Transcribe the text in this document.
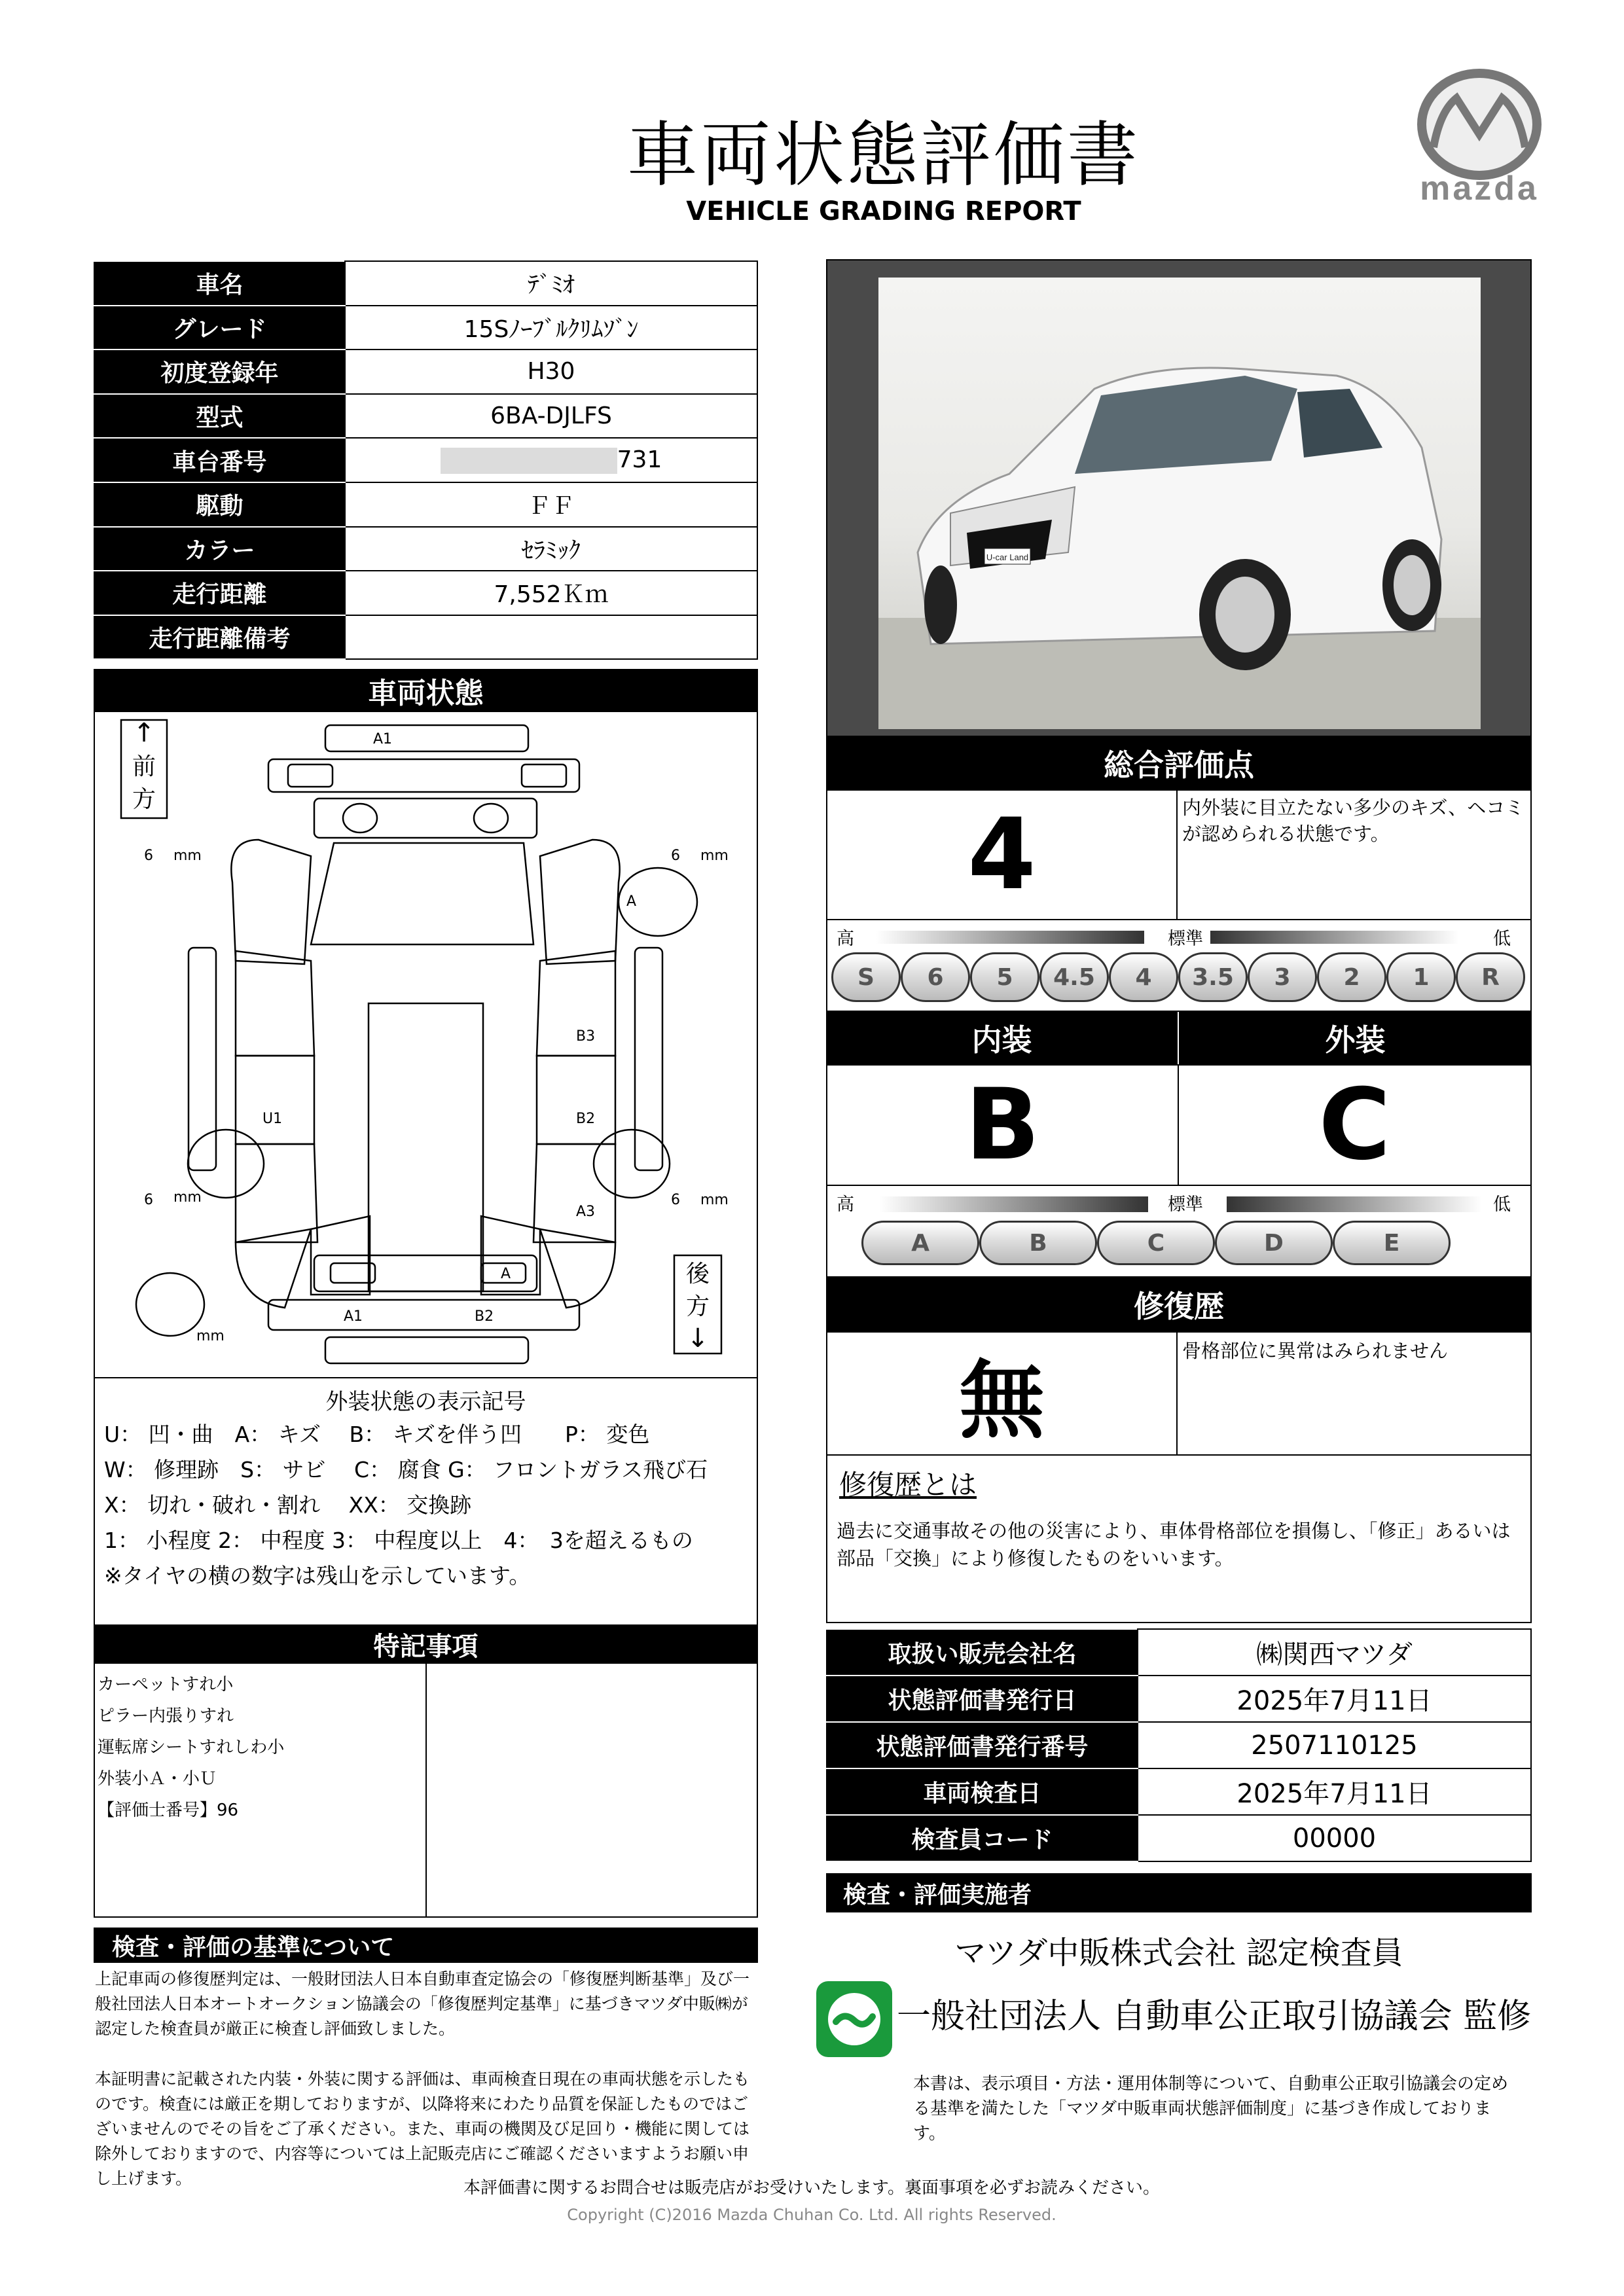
車両状態評価書
VEHICLE GRADING REPORT
mazda
車名	ﾃﾞﾐｵ
グレード	15Sﾉｰﾌﾞﾙｸﾘﾑｿﾞﾝ
初度登録年	H30
型式	6BA-DJLFS
車台番号	731
駆動	ＦＦ
カラー	ｾﾗﾐｯｸ
走行距離	7,552Ｋｍ
走行距離備考	
車両状態
↑
前
方
後
方
↓
A1
A
B3
U1	B2
A3
A
A1	B2
6 mm	6 mm
6 mm	6 mm
mm
外装状態の表示記号
U： 凹・曲　A： キズ　 B： キズを伴う凹　　P： 変色
W： 修理跡　S： サビ　 C： 腐食 G： フロントガラス飛び石
X： 切れ・破れ・割れ　 XX： 交換跡
1： 小程度 2： 中程度 3： 中程度以上　4：　3を超えるもの
※タイヤの横の数字は残山を示しています。
特記事項
カーペットすれ小
ピラー内張りすれ
運転席シートすれしわ小
外装小Ａ・小Ｕ
【評価士番号】96
検査・評価の基準について
上記車両の修復歴判定は、一般財団法人日本自動車査定協会の「修復歴判断基準」及び一般社団法人日本オートオークション協議会の「修復歴判定基準」に基づきマツダ中販㈱が認定した検査員が厳正に検査し評価致しました。
本証明書に記載された内装・外装に関する評価は、車両検査日現在の車両状態を示したものです。検査には厳正を期しておりますが、以降将来にわたり品質を保証したものではございませんのでその旨をご了承ください。また、車両の機関及び足回り・機能に関しては除外しておりますので、内容等については上記販売店にご確認くださいますようお願い申し上げます。
U-car Land
総合評価点
4	内外装に目立たない多少のキズ、ヘコミが認められる状態です。
高	標準	低
S	6	5	4.5	4	3.5	3	2	1	R
内装	外装
B	C
高	標準	低
A	B	C	D	E
修復歴
無	骨格部位に異常はみられません
修復歴とは
過去に交通事故その他の災害により、車体骨格部位を損傷し、「修正」あるいは部品「交換」により修復したものをいいます。
取扱い販売会社名	㈱関西マツダ
状態評価書発行日	2025年7月11日
状態評価書発行番号	2507110125
車両検査日	2025年7月11日
検査員コード	00000
検査・評価実施者
マツダ中販株式会社 認定検査員
一般社団法人 自動車公正取引協議会 監修
本書は、表示項目・方法・運用体制等について、自動車公正取引協議会の定める基準を満たした「マツダ中販車両状態評価制度」に基づき作成しております。
本評価書に関するお問合せは販売店がお受けいたします。裏面事項を必ずお読みください。
Copyright (C)2016 Mazda Chuhan Co. Ltd. All rights Reserved.
